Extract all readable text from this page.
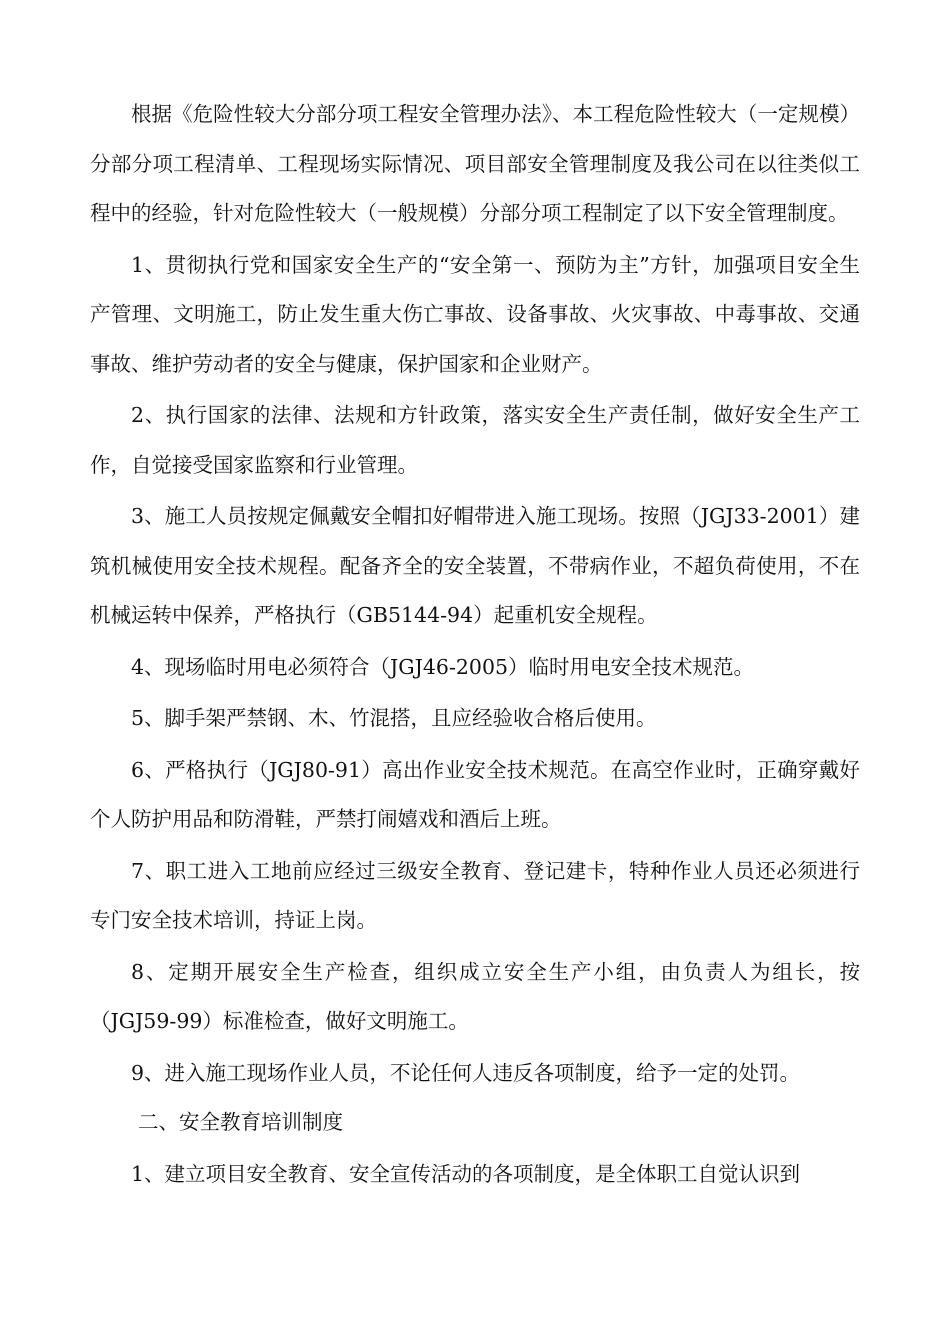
根据《危险性较大分部分项工程安全管理办法》、本工程危险性较大（一定规模）分部分项工程清单、工程现场实际情况、项目部安全管理制度及我公司在以往类似工程中的经验，针对危险性较大（一般规模）分部分项工程制定了以下安全管理制度。

1、贯彻执行党和国家安全生产的“安全第一、预防为主”方针，加强项目安全生产管理、文明施工，防止发生重大伤亡事故、设备事故、火灾事故、中毒事故、交通事故、维护劳动者的安全与健康，保护国家和企业财产。

2、执行国家的法律、法规和方针政策，落实安全生产责任制，做好安全生产工作，自觉接受国家监察和行业管理。

3、施工人员按规定佩戴安全帽扣好帽带进入施工现场。按照（JGJ33-2001）建筑机械使用安全技术规程。配备齐全的安全装置，不带病作业，不超负荷使用，不在机械运转中保养，严格执行（GB5144-94）起重机安全规程。

4、现场临时用电必须符合（JGJ46-2005）临时用电安全技术规范。

5、脚手架严禁钢、木、竹混搭，且应经验收合格后使用。

6、严格执行（JGJ80-91）高出作业安全技术规范。在高空作业时，正确穿戴好个人防护用品和防滑鞋，严禁打闹嬉戏和酒后上班。

7、职工进入工地前应经过三级安全教育、登记建卡，特种作业人员还必须进行专门安全技术培训，持证上岗。

8、定期开展安全生产检查，组织成立安全生产小组，由负责人为组长，按（JGJ59-99）标准检查，做好文明施工。

9、进入施工现场作业人员，不论任何人违反各项制度，给予一定的处罚。

二、安全教育培训制度

1、建立项目安全教育、安全宣传活动的各项制度，是全体职工自觉认识到
